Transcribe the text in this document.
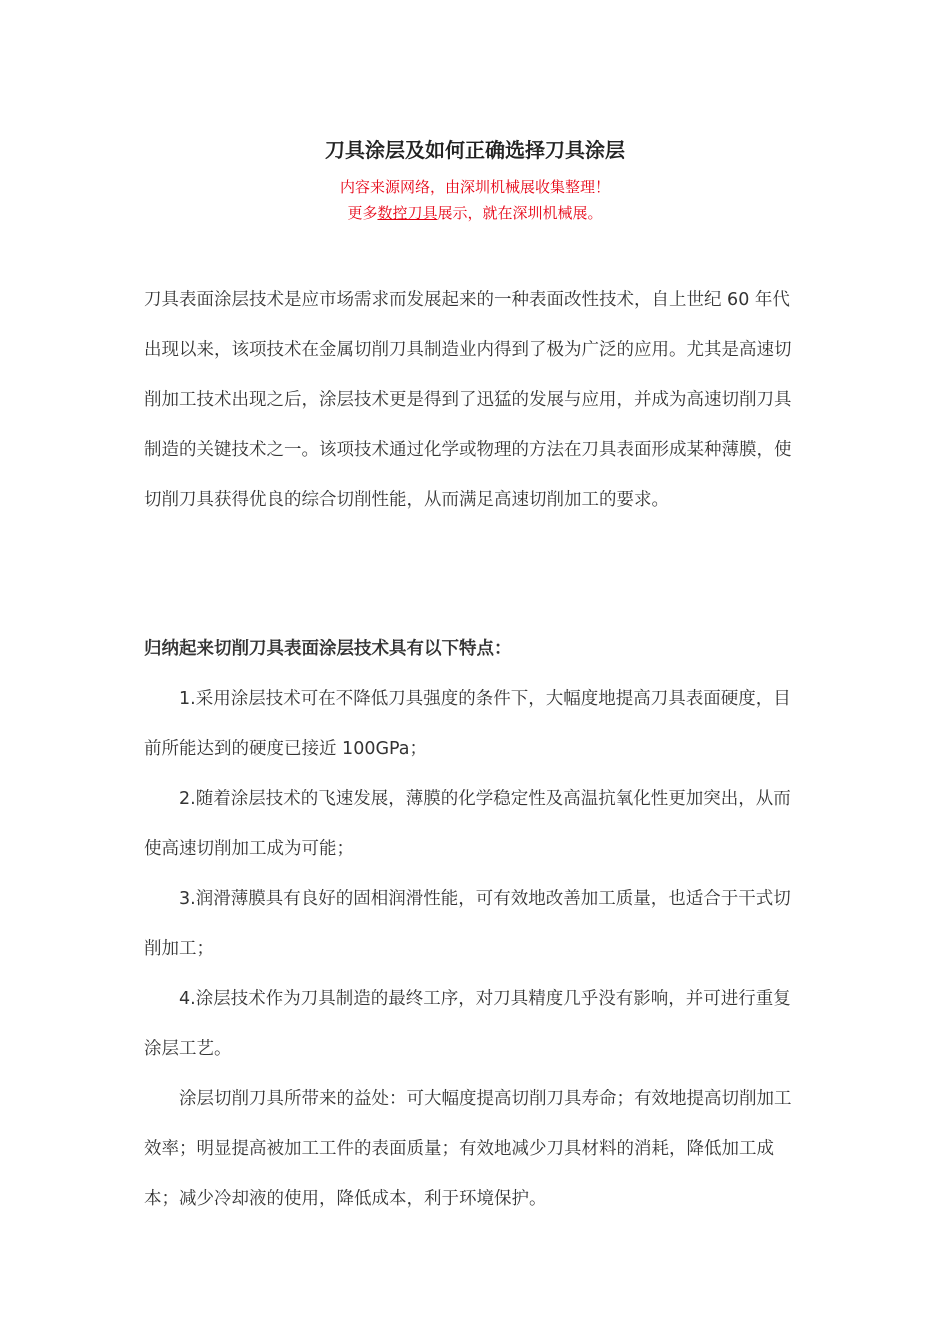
刀具涂层及如何正确选择刀具涂层
内容来源网络，由深圳机械展收集整理！
更多数控刀具展示，就在深圳机械展。
刀具表面涂层技术是应市场需求而发展起来的一种表面改性技术，自上世纪 60 年代出现以来，该项技术在金属切削刀具制造业内得到了极为广泛的应用。尤其是高速切削加工技术出现之后，涂层技术更是得到了迅猛的发展与应用，并成为高速切削刀具制造的关键技术之一。该项技术通过化学或物理的方法在刀具表面形成某种薄膜，使切削刀具获得优良的综合切削性能，从而满足高速切削加工的要求。
归纳起来切削刀具表面涂层技术具有以下特点：

1.采用涂层技术可在不降低刀具强度的条件下，大幅度地提高刀具表面硬度，目前所能达到的硬度已接近 100GPa；

2.随着涂层技术的飞速发展，薄膜的化学稳定性及高温抗氧化性更加突出，从而使高速切削加工成为可能；

3.润滑薄膜具有良好的固相润滑性能，可有效地改善加工质量，也适合于干式切削加工；

4.涂层技术作为刀具制造的最终工序，对刀具精度几乎没有影响，并可进行重复涂层工艺。

涂层切削刀具所带来的益处：可大幅度提高切削刀具寿命；有效地提高切削加工效率；明显提高被加工工件的表面质量；有效地减少刀具材料的消耗，降低加工成本；减少冷却液的使用，降低成本，利于环境保护。
